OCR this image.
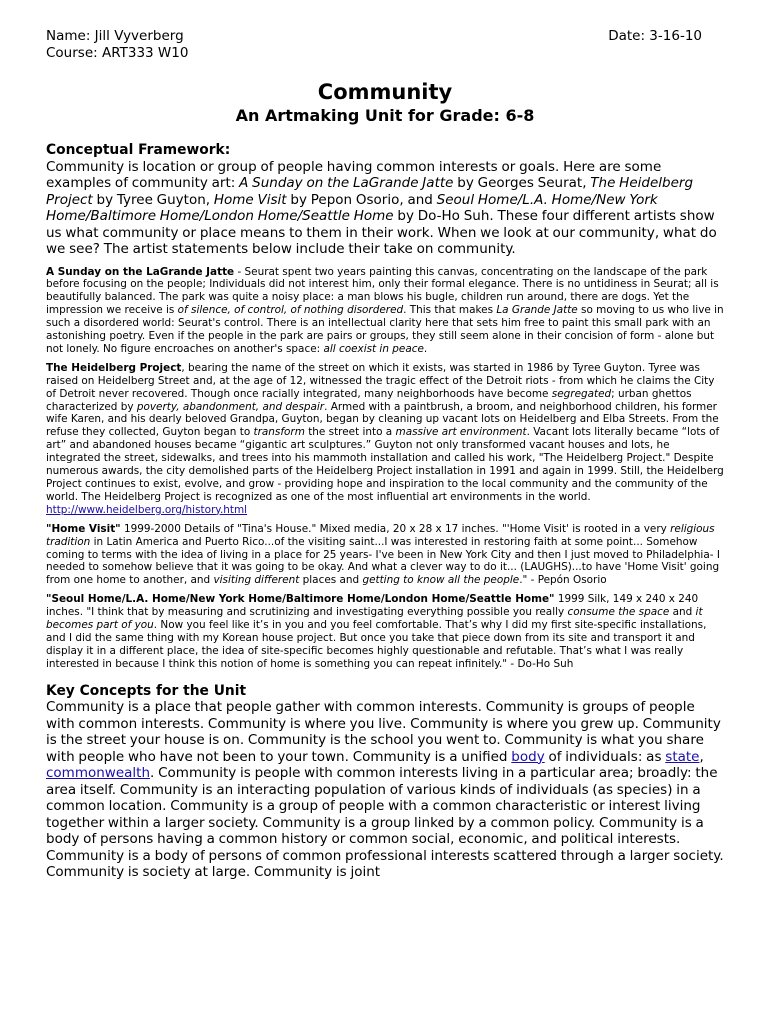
Name: Jill Vyverberg
Course: ART333 W10
Date: 3-16-10
Community
An Artmaking Unit for Grade: 6-8

Conceptual Framework:

Community is location or group of people having common interests or goals. Here are some examples of community art: A Sunday on the LaGrande Jatte by Georges Seurat, The Heidelberg Project by Tyree Guyton, Home Visit by Pepon Osorio, and Seoul Home/L.A. Home/New York Home/Baltimore Home/London Home/Seattle Home by Do-Ho Suh. These four different artists show us what community or place means to them in their work. When we look at our community, what do we see? The artist statements below include their take on community.

A Sunday on the LaGrande Jatte - Seurat spent two years painting this canvas, concentrating on the landscape of the park before focusing on the people; Individuals did not interest him, only their formal elegance. There is no untidiness in Seurat; all is beautifully balanced. The park was quite a noisy place: a man blows his bugle, children run around, there are dogs. Yet the impression we receive is of silence, of control, of nothing disordered. This that makes La Grande Jatte so moving to us who live in such a disordered world: Seurat's control. There is an intellectual clarity here that sets him free to paint this small park with an astonishing poetry. Even if the people in the park are pairs or groups, they still seem alone in their concision of form - alone but not lonely. No figure encroaches on another's space: all coexist in peace.

The Heidelberg Project, bearing the name of the street on which it exists, was started in 1986 by Tyree Guyton. Tyree was raised on Heidelberg Street and, at the age of 12, witnessed the tragic effect of the Detroit riots - from which he claims the City of Detroit never recovered. Though once racially integrated, many neighborhoods have become segregated; urban ghettos characterized by poverty, abandonment, and despair. Armed with a paintbrush, a broom, and neighborhood children, his former wife Karen, and his dearly beloved Grandpa, Guyton, began by cleaning up vacant lots on Heidelberg and Elba Streets. From the refuse they collected, Guyton began to transform the street into a massive art environment. Vacant lots literally became “lots of art” and abandoned houses became “gigantic art sculptures.” Guyton not only transformed vacant houses and lots, he integrated the street, sidewalks, and trees into his mammoth installation and called his work, "The Heidelberg Project." Despite numerous awards, the city demolished parts of the Heidelberg Project installation in 1991 and again in 1999. Still, the Heidelberg Project continues to exist, evolve, and grow - providing hope and inspiration to the local community and the community of the world. The Heidelberg Project is recognized as one of the most influential art environments in the world.
http://www.heidelberg.org/history.html

"Home Visit" 1999-2000 Details of "Tina's House." Mixed media, 20 x 28 x 17 inches. "'Home Visit' is rooted in a very religious tradition in Latin America and Puerto Rico...of the visiting saint...I was interested in restoring faith at some point... Somehow coming to terms with the idea of living in a place for 25 years- I've been in New York City and then I just moved to Philadelphia- I needed to somehow believe that it was going to be okay. And what a clever way to do it... (LAUGHS)...to have 'Home Visit' going from one home to another, and visiting different places and getting to know all the people." - Pepón Osorio

"Seoul Home/L.A. Home/New York Home/Baltimore Home/London Home/Seattle Home" 1999 Silk, 149 x 240 x 240 inches. "I think that by measuring and scrutinizing and investigating everything possible you really consume the space and it becomes part of you. Now you feel like it’s in you and you feel comfortable. That’s why I did my first site-specific installations, and I did the same thing with my Korean house project. But once you take that piece down from its site and transport it and display it in a different place, the idea of site-specific becomes highly questionable and refutable. That’s what I was really interested in because I think this notion of home is something you can repeat infinitely." - Do-Ho Suh

Key Concepts for the Unit

Community is a place that people gather with common interests. Community is groups of people with common interests. Community is where you live. Community is where you grew up. Community is the street your house is on. Community is the school you went to. Community is what you share with people who have not been to your town. Community is a unified body of individuals: as state, commonwealth. Community is people with common interests living in a particular area; broadly: the area itself. Community is an interacting population of various kinds of individuals (as species) in a common location. Community is a group of people with a common characteristic or interest living together within a larger society. Community is a group linked by a common policy. Community is a body of persons having a common history or common social, economic, and political interests. Community is a body of persons of common professional interests scattered through a larger society. Community is society at large. Community is joint
